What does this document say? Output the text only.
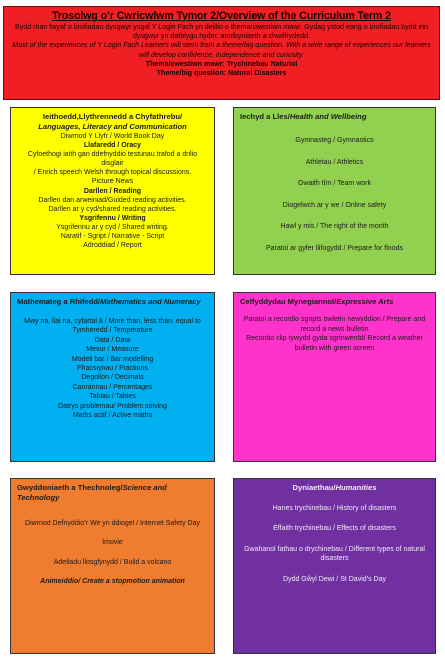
Trosolwg o’r Cwricwlwm Tymor 2/Overview of the Curriculum Term 2
Bydd rhan fwyaf o brofiadau dysgwyr ysgol Y Login Fach yn deillio o thema/cwestiwn mawr. Gydag ystod eang o brofiadau bydd ein dysgwyr yn datblygu hyder, annibyniaeth a chwilfrydedd.
Most of the experiences of Y Login Fach Learners will stem from a theme/big question. With a wide range of experiences our learners will develop confidence, independence and curiosity.
Thema/cwestiwn mawr: Trychinebau Naturiol
Theme/big question: Natural Disasters
Ieithoedd,Llythrennedd a Chyfathrebu/
Languages, Literacy and Communication
Diwrnod Y Llyfr / World Book Day
Llafaredd / Oracy
Cyfoethogi iaith gan ddefnyddio testunau trafod a drilio disglair
/ Enrich speech Welsh through topical discussions.
Picture News
Darllen / Reading
Darllen dan arweiniad/Guided reading activities.
Darllen ar y cyd/shared reading activities.
Ysgrifennu / Writing
Ysgrifennu ar y cyd / Shared writing.
Naratif - Sgript / Narrative - Script
Adroddiad / Report
Iechyd a Lles/Health and Wellbeing
Gymnasteg / Gymnastics
Athletau / Athletics
Gwaith tîm / Team work
Diogelwch ar y we / Online safety
Hawl y mis / The right of the month
Paratoi ar gyfer llifogydd / Prepare for floods
Mathemateg a Rhifedd/Mathematics and Numeracy
Mwy na, llai na, cyfartal â / More than, less than, equal to
Tymheredd / Temperature
Data / Data
Mesur / Measure
Modeli bar / Bar modelling
Ffracsiynau / Fractions
Degolion / Decimals
Canrannau / Percentages
Tablau / Tables
Datrys problemau/ Problem solving
Maths actif / Active maths
Celfyddydau Mynegiannol/Expressive Arts
Paratoi a recordio sgripts bwletin newyddion / Prepare and record a news bulletin
Recordio clip tywydd gyda sgrinwerdd/ Record a weather bulletin with green screen
Gwyddoniaeth a Thechnoleg/Science and Technology
Diwrnod Defnyddio’r We yn ddiogel / Internet Safety Day
Imovie
Adeiladu llosgfynydd / Build a volcano
Animeiddio/ Create a stopmotion animation
Dyniaethau/Humanities
Hanes trychinebau / History of disasters
Effaith trychinebau / Effects of disasters
Gwahanol fathau o drychinebau / Different types of natural disasters
Dydd Gŵyl Dewi / St David’s Day
